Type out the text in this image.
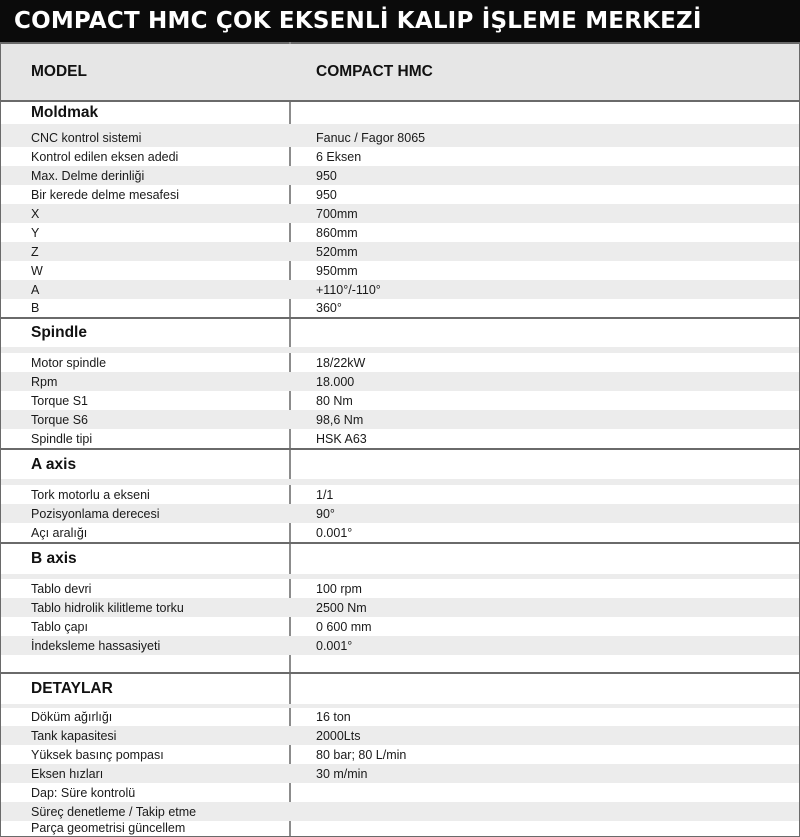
COMPACT HMC ÇOK EKSENLİ KALIP İŞLEME MERKEZİ
MODEL	COMPACT HMC
Moldmak
CNC kontrol sistemi	Fanuc / Fagor 8065
Kontrol edilen eksen adedi	6 Eksen
Max. Delme derinliği	950
Bir kerede delme mesafesi	950
X	700mm
Y	860mm
Z	520mm
W	950mm
A	+110°/-110°
B	360°
Spindle
Motor spindle	18/22kW
Rpm	18.000
Torque S1	80 Nm
Torque S6	98,6 Nm
Spindle tipi	HSK A63
A axis
Tork motorlu a ekseni	1/1
Pozisyonlama derecesi	90°
Açı aralığı	0.001°
B axis
Tablo devri	100 rpm
Tablo hidrolik kilitleme torku	2500 Nm
Tablo çapı	0 600 mm
İndeksleme hassasiyeti	0.001°
DETAYLAR
Döküm ağırlığı	16 ton
Tank kapasitesi	2000Lts
Yüksek basınç pompası	80 bar; 80 L/min
Eksen hızları	30 m/min
Dap: Süre kontrolü
Süreç denetleme / Takip etme
Parça geometrisi güncellem
